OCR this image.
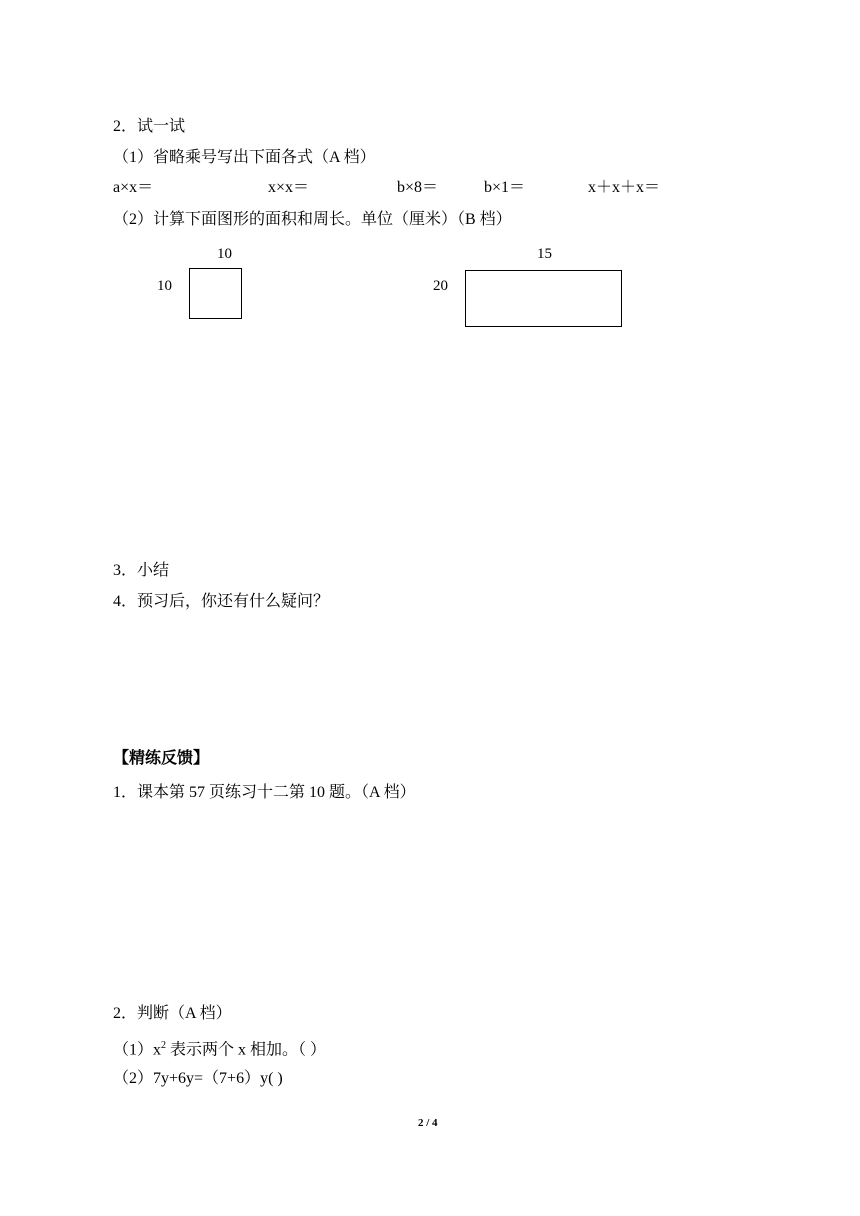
2．试一试
（1）省略乘号写出下面各式（A 档）
a×x＝	x×x＝	b×8＝	b×1＝	x＋x＋x＝
（2）计算下面图形的面积和周长。单位（厘米）（B 档）
10
10
15
20
3．小结
4．预习后，你还有什么疑问？
【精练反馈】
1．课本第 57 页练习十二第 10 题。（A 档）
2．判断（A 档）
$(1)x^2$ 表示两个 x 相加。（ ）
（2）7y+6y=（7+6）y( )
2 / 4
